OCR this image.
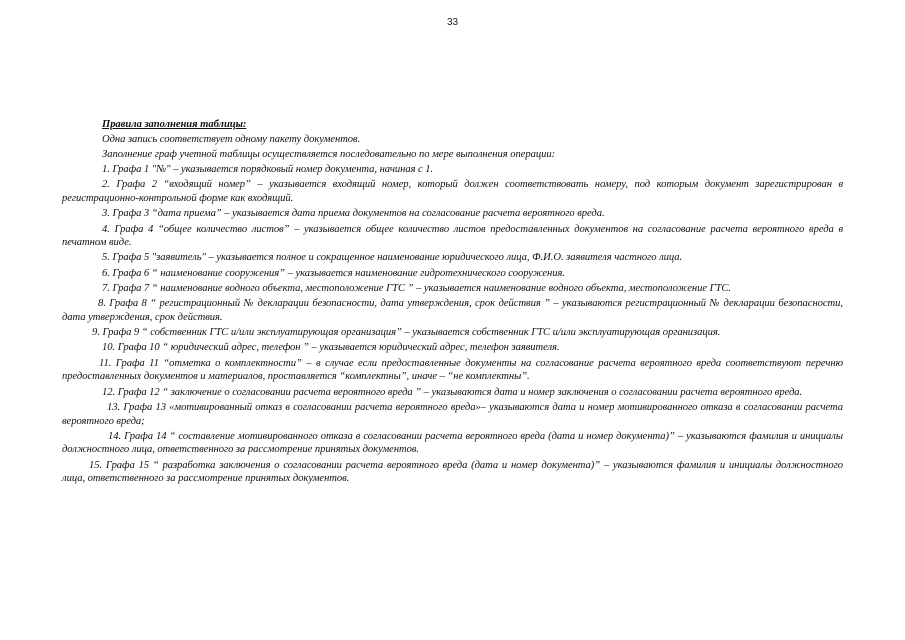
33

Правила заполнения таблицы:

Одна запись соответствует одному пакету документов.

Заполнение граф учетной таблицы осуществляется последовательно по мере выполнения операции:

1. Графа 1 "№" – указывается порядковый номер документа, начиная с 1.

2. Графа 2 “входящий номер” – указывается входящий номер, который должен соответствовать номеру, под которым документ зарегистрирован в регистрационно-контрольной форме как входящий.

3. Графа 3 “дата приема” – указывается дата приема документов на согласование расчета вероятного вреда.

4. Графа 4 “общее количество листов” – указывается общее количество листов предоставленных документов на согласование расчета вероятного вреда в печатном виде.

5. Графа 5 "заявитель" – указывается полное и сокращенное наименование юридического лица, Ф.И.О. заявителя частного лица.

6. Графа 6 “ наименование сооружения” – указывается наименование гидротехнического сооружения.

7. Графа 7 “ наименование водного объекта, местоположение ГТС ” – указывается наименование водного объекта, местоположение ГТС.

8. Графа 8 “ регистрационный № декларации безопасности, дата утверждения, срок действия ” – указываются регистрационный № декларации безопасности, дата утверждения, срок действия.

9. Графа 9 “ собственник ГТС и/или эксплуатирующая организация” – указывается собственник ГТС и/или эксплуатирующая организация.

10. Графа 10 “ юридический адрес, телефон ” – указывается юридический адрес, телефон заявителя.

11. Графа 11 “отметка о комплектности” – в случае если предоставленные документы на согласование расчета вероятного вреда соответствуют перечню предоставленных документов и материалов, проставляется “комплектны”, иначе – “не комплектны”.

12. Графа 12 “ заключение о согласовании расчета вероятного вреда ” – указываются дата и номер заключения о согласовании расчета вероятного вреда.

13. Графа 13 «мотивированный отказ в согласовании расчета вероятного вреда»– указываются дата и номер мотивированного отказа в согласовании расчета вероятного вреда;

14. Графа 14 “ составление мотивированного отказа в согласовании расчета вероятного вреда (дата и номер документа)” – указываются фамилия и инициалы должностного лица, ответственного за рассмотрение принятых документов.

15. Графа 15 “ разработка заключения о согласовании расчета вероятного вреда (дата и номер документа)” – указываются фамилия и инициалы должностного лица, ответственного за рассмотрение принятых документов.
